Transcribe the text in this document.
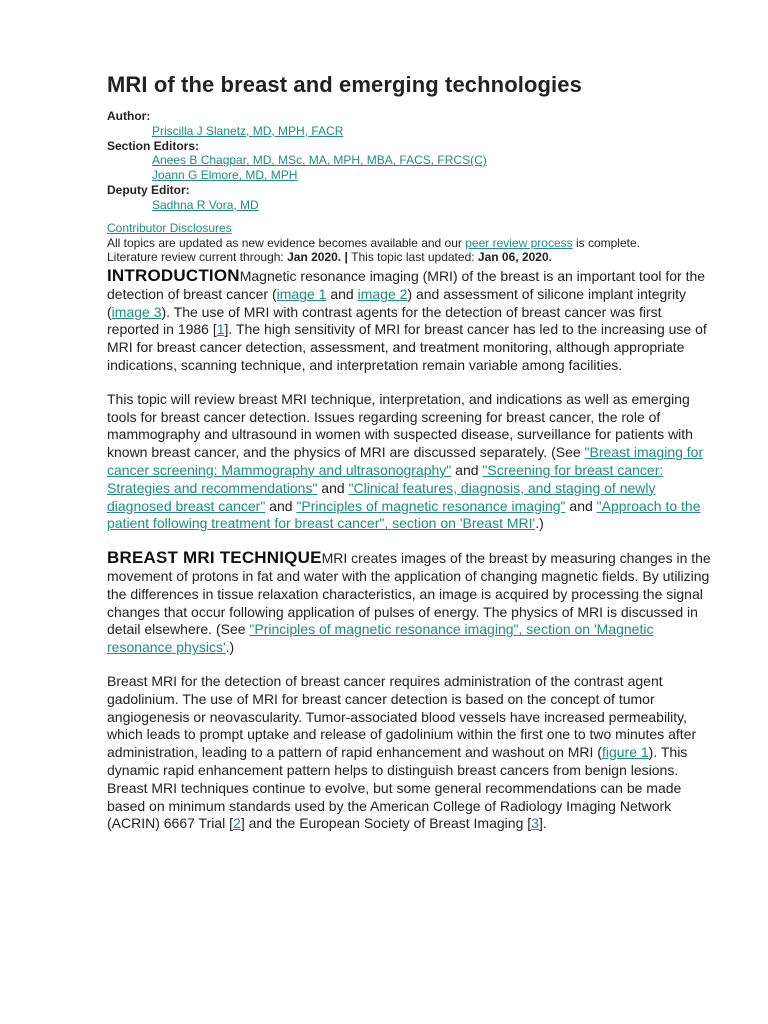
MRI of the breast and emerging technologies
Author:
Priscilla J Slanetz, MD, MPH, FACR
Section Editors:
Anees B Chagpar, MD, MSc, MA, MPH, MBA, FACS, FRCS(C)
Joann G Elmore, MD, MPH
Deputy Editor:
Sadhna R Vora, MD
Contributor Disclosures
All topics are updated as new evidence becomes available and our peer review process is complete.
Literature review current through: Jan 2020. | This topic last updated: Jan 06, 2020.

INTRODUCTIONMagnetic resonance imaging (MRI) of the breast is an important tool for the detection of breast cancer (image 1 and image 2) and assessment of silicone implant integrity (image 3). The use of MRI with contrast agents for the detection of breast cancer was first reported in 1986 [1]. The high sensitivity of MRI for breast cancer has led to the increasing use of MRI for breast cancer detection, assessment, and treatment monitoring, although appropriate indications, scanning technique, and interpretation remain variable among facilities.

This topic will review breast MRI technique, interpretation, and indications as well as emerging tools for breast cancer detection. Issues regarding screening for breast cancer, the role of mammography and ultrasound in women with suspected disease, surveillance for patients with known breast cancer, and the physics of MRI are discussed separately. (See "Breast imaging for cancer screening: Mammography and ultrasonography" and "Screening for breast cancer: Strategies and recommendations" and "Clinical features, diagnosis, and staging of newly diagnosed breast cancer" and "Principles of magnetic resonance imaging" and "Approach to the patient following treatment for breast cancer", section on 'Breast MRI'.)

BREAST MRI TECHNIQUEMRI creates images of the breast by measuring changes in the movement of protons in fat and water with the application of changing magnetic fields. By utilizing the differences in tissue relaxation characteristics, an image is acquired by processing the signal changes that occur following application of pulses of energy. The physics of MRI is discussed in detail elsewhere. (See "Principles of magnetic resonance imaging", section on 'Magnetic resonance physics'.)

Breast MRI for the detection of breast cancer requires administration of the contrast agent gadolinium. The use of MRI for breast cancer detection is based on the concept of tumor angiogenesis or neovascularity. Tumor-associated blood vessels have increased permeability, which leads to prompt uptake and release of gadolinium within the first one to two minutes after administration, leading to a pattern of rapid enhancement and washout on MRI (figure 1). This dynamic rapid enhancement pattern helps to distinguish breast cancers from benign lesions. Breast MRI techniques continue to evolve, but some general recommendations can be made based on minimum standards used by the American College of Radiology Imaging Network (ACRIN) 6667 Trial [2] and the European Society of Breast Imaging [3].
